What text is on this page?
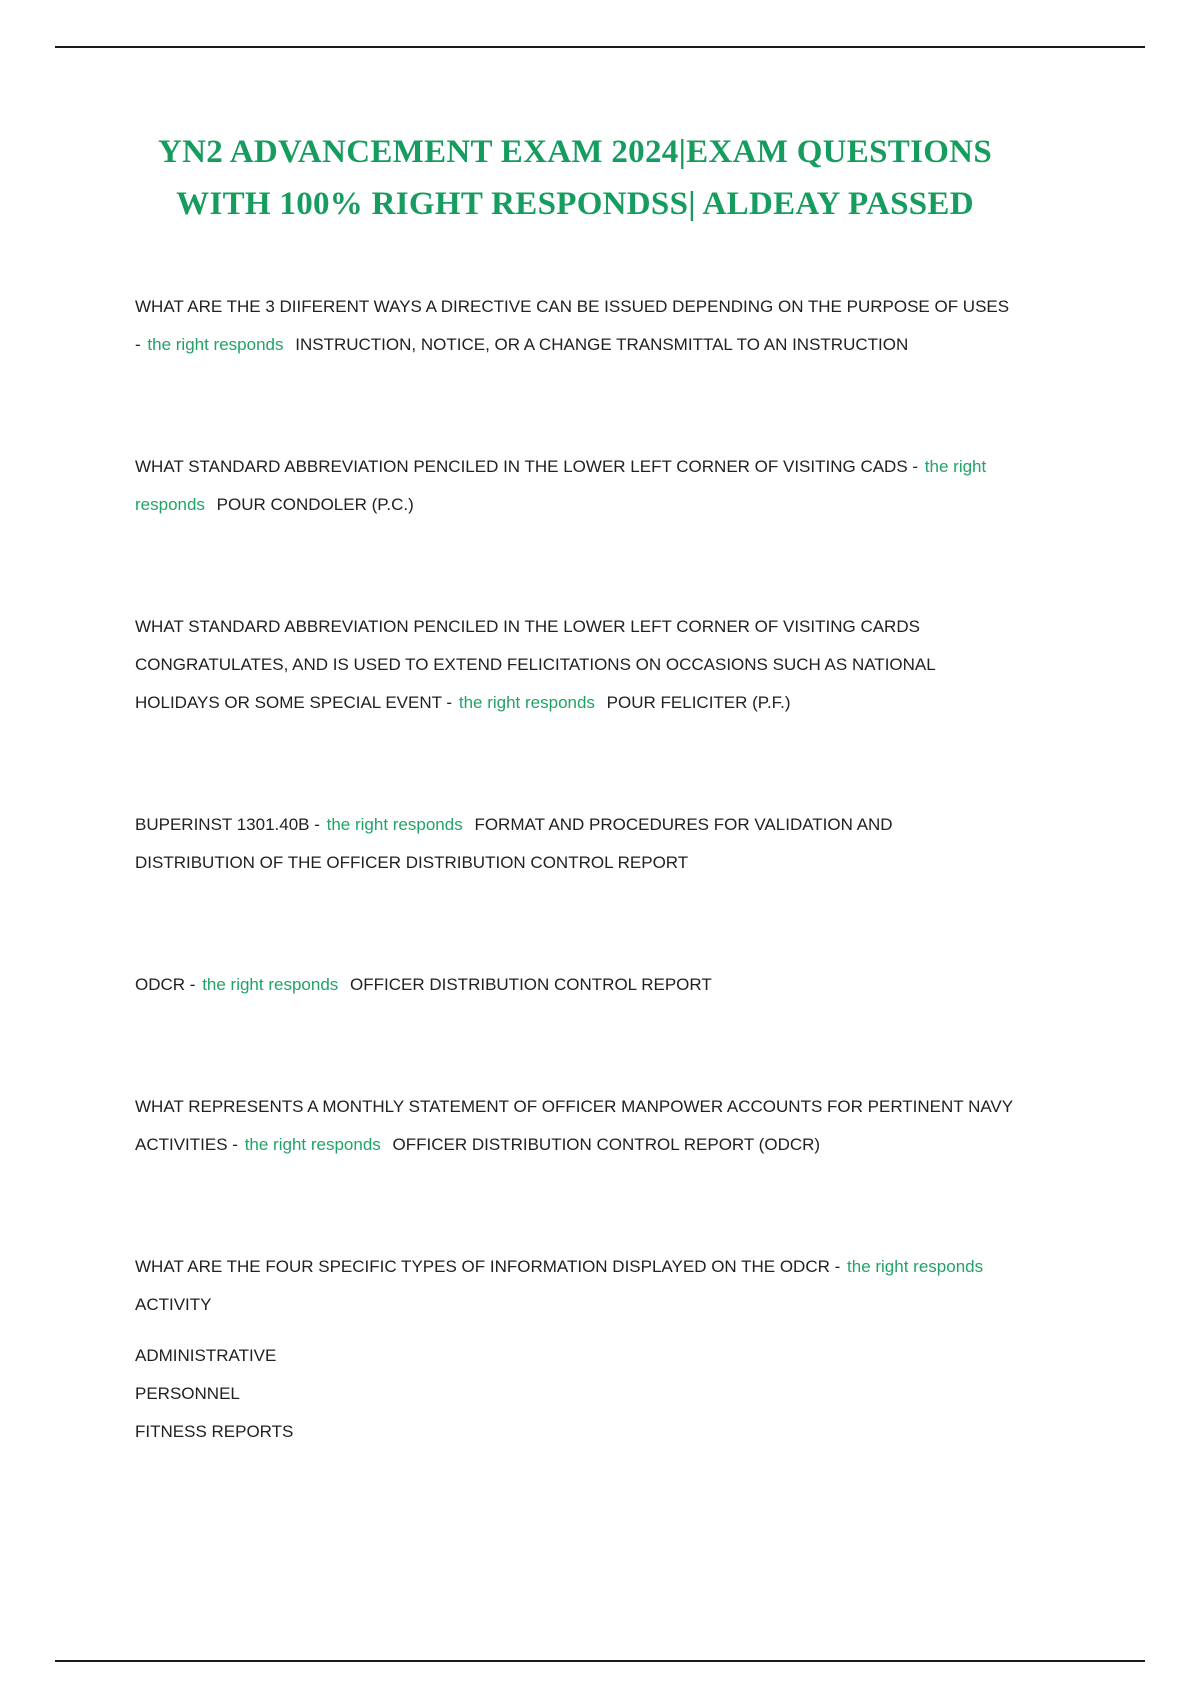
YN2 ADVANCEMENT EXAM 2024|EXAM QUESTIONS WITH 100% RIGHT RESPONDSS| ALDEAY PASSED

WHAT ARE THE 3 DIIFERENT WAYS A DIRECTIVE CAN BE ISSUED DEPENDING ON THE PURPOSE OF USES - the right responds INSTRUCTION, NOTICE, OR A CHANGE TRANSMITTAL TO AN INSTRUCTION

WHAT STANDARD ABBREVIATION PENCILED IN THE LOWER LEFT CORNER OF VISITING CADS - the right responds POUR CONDOLER (P.C.)

WHAT STANDARD ABBREVIATION PENCILED IN THE LOWER LEFT CORNER OF VISITING CARDS CONGRATULATES, AND IS USED TO EXTEND FELICITATIONS ON OCCASIONS SUCH AS NATIONAL HOLIDAYS OR SOME SPECIAL EVENT - the right responds POUR FELICITER (P.F.)

BUPERINST 1301.40B - the right responds FORMAT AND PROCEDURES FOR VALIDATION AND DISTRIBUTION OF THE OFFICER DISTRIBUTION CONTROL REPORT

ODCR - the right responds OFFICER DISTRIBUTION CONTROL REPORT

WHAT REPRESENTS A MONTHLY STATEMENT OF OFFICER MANPOWER ACCOUNTS FOR PERTINENT NAVY ACTIVITIES - the right responds OFFICER DISTRIBUTION CONTROL REPORT (ODCR)

WHAT ARE THE FOUR SPECIFIC TYPES OF INFORMATION DISPLAYED ON THE ODCR - the right responds ACTIVITY

ADMINISTRATIVE

PERSONNEL

FITNESS REPORTS
